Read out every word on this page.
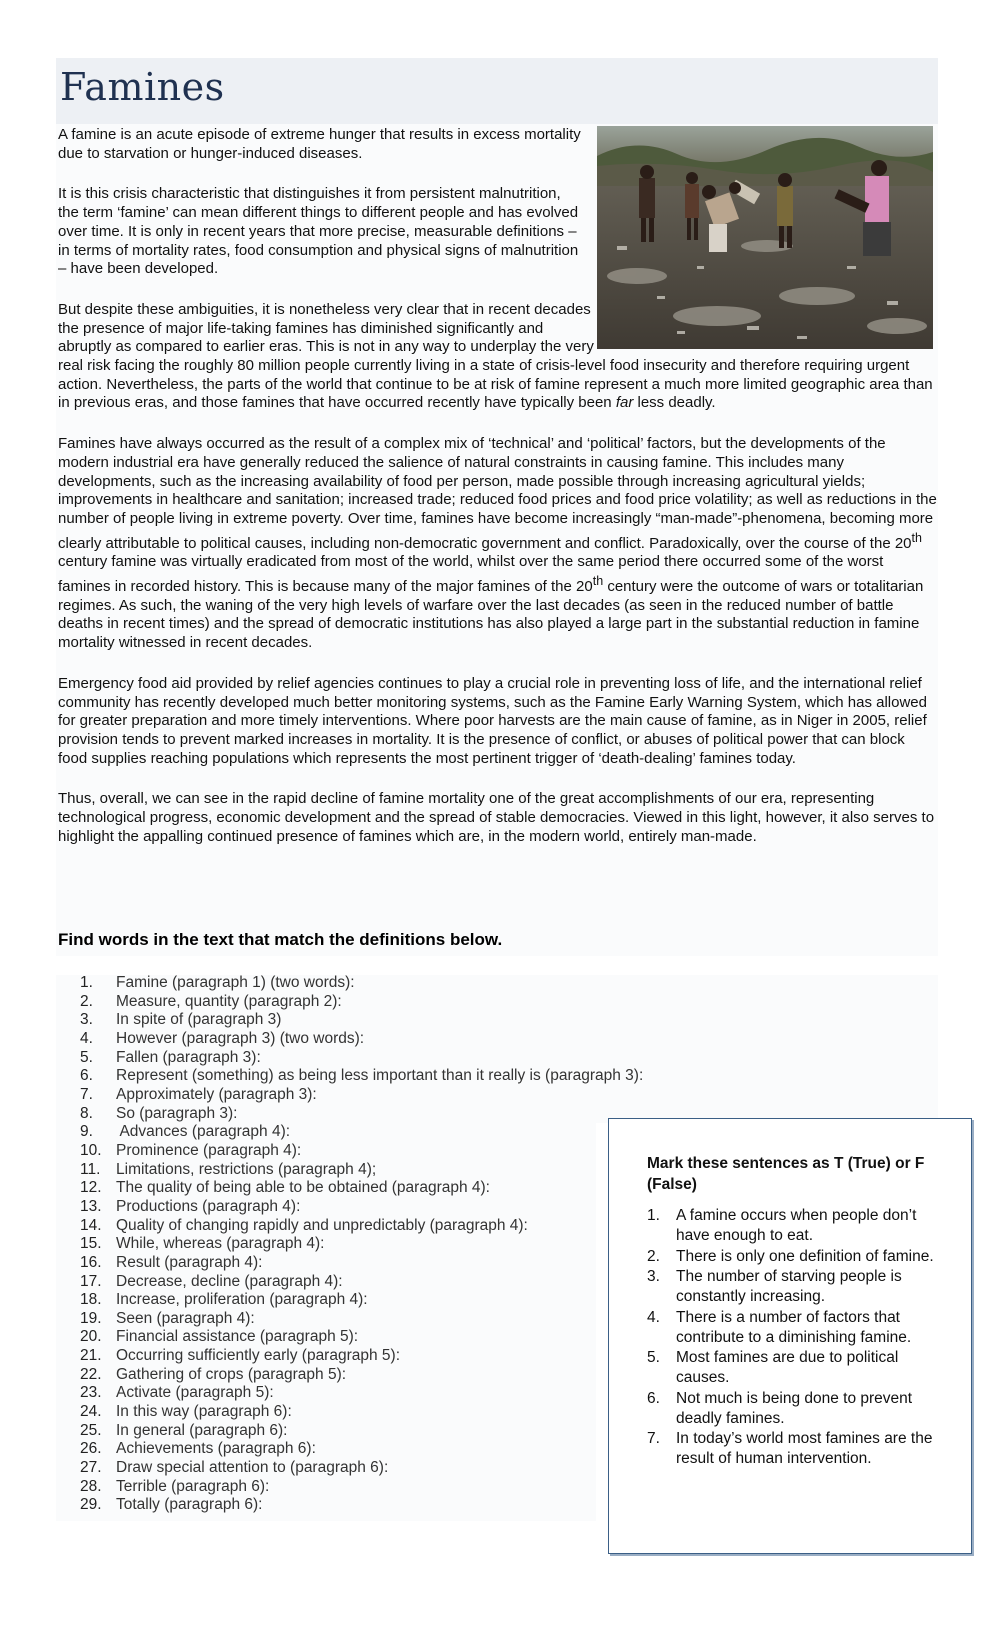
Famines

A famine is an acute episode of extreme hunger that results in excess mortality due to starvation or hunger-induced diseases.

It is this crisis characteristic that distinguishes it from persistent malnutrition, the term ‘famine’ can mean different things to different people and has evolved over time. It is only in recent years that more precise, measurable definitions – in terms of mortality rates, food consumption and physical signs of malnutrition – have been developed.

But despite these ambiguities, it is nonetheless very clear that in recent decades the presence of major life-taking famines has diminished significantly and abruptly as compared to earlier eras. This is not in any way to underplay the very real risk facing the roughly 80 million people currently living in a state of crisis-level food insecurity and therefore requiring urgent action. Nevertheless, the parts of the world that continue to be at risk of famine represent a much more limited geographic area than in previous eras, and those famines that have occurred recently have typically been far less deadly.

Famines have always occurred as the result of a complex mix of ‘technical’ and ‘political’ factors, but the developments of the modern industrial era have generally reduced the salience of natural constraints in causing famine. This includes many developments, such as the increasing availability of food per person, made possible through increasing agricultural yields; improvements in healthcare and sanitation; increased trade; reduced food prices and food price volatility; as well as reductions in the number of people living in extreme poverty. Over time, famines have become increasingly “man-made”-phenomena, becoming more clearly attributable to political causes, including non-democratic government and conflict. Paradoxically, over the course of the 20th century famine was virtually eradicated from most of the world, whilst over the same period there occurred some of the worst famines in recorded history. This is because many of the major famines of the 20th century were the outcome of wars or totalitarian regimes. As such, the waning of the very high levels of warfare over the last decades (as seen in the reduced number of battle deaths in recent times) and the spread of democratic institutions has also played a large part in the substantial reduction in famine mortality witnessed in recent decades.

Emergency food aid provided by relief agencies continues to play a crucial role in preventing loss of life, and the international relief community has recently developed much better monitoring systems, such as the Famine Early Warning System, which has allowed for greater preparation and more timely interventions. Where poor harvests are the main cause of famine, as in Niger in 2005, relief provision tends to prevent marked increases in mortality. It is the presence of conflict, or abuses of political power that can block food supplies reaching populations which represents the most pertinent trigger of ‘death-dealing’ famines today.

Thus, overall, we can see in the rapid decline of famine mortality one of the great accomplishments of our era, representing technological progress, economic development and the spread of stable democracies. Viewed in this light, however, it also serves to highlight the appalling continued presence of famines which are, in the modern world, entirely man-made.

Find words in the text that match the definitions below.
1.	Famine (paragraph 1) (two words):
2.	Measure, quantity (paragraph 2):
3.	In spite of (paragraph 3)
4.	However (paragraph 3) (two words):
5.	Fallen (paragraph 3):
6.	Represent (something) as being less important than it really is (paragraph 3):
7.	Approximately (paragraph 3):
8.	So (paragraph 3):
9.	Advances (paragraph 4):
10. Prominence (paragraph 4):
11.	Limitations, restrictions (paragraph 4);
12. The quality of being able to be obtained (paragraph 4):
13. Productions (paragraph 4):
14. Quality of changing rapidly and unpredictably (paragraph 4):
15. While, whereas (paragraph 4):
16. Result (paragraph 4):
17. Decrease, decline (paragraph 4):
18. Increase, proliferation (paragraph 4):
19. Seen (paragraph 4):
20. Financial assistance (paragraph 5):
21. Occurring sufficiently early (paragraph 5):
22. Gathering of crops (paragraph 5):
23. Activate (paragraph 5):
24. In this way (paragraph 6):
25. In general (paragraph 6):
26. Achievements (paragraph 6):
27. Draw special attention to (paragraph 6):
28. Terrible (paragraph 6):
29. Totally (paragraph 6):

Mark these sentences as T (True) or F (False)

1.	A famine occurs when people don’t have enough to eat.
2.	There is only one definition of famine.
3.	The number of starving people is constantly increasing.
4.	There is a number of factors that contribute to a diminishing famine.
5.	Most famines are due to political causes.
6.	Not much is being done to prevent deadly famines.
7.	In today’s world most famines are the result of human intervention.
